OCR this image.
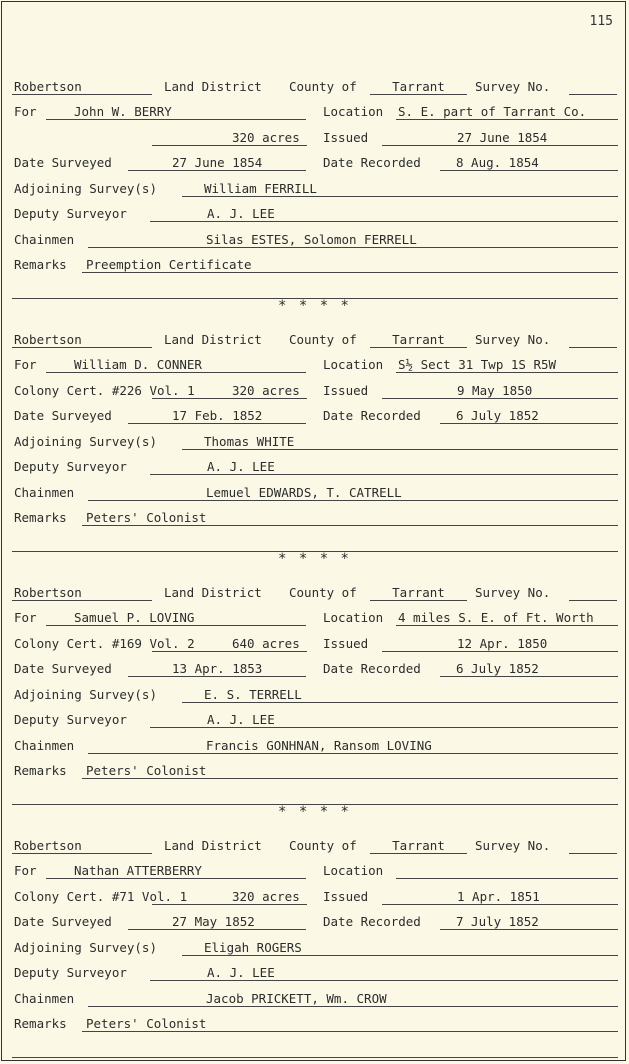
115
Robertson	Land District County of	Tarrant	Survey No.
For	John W. BERRY	Location S. E. part of Tarrant Co.
320 acres Issued	27 June 1854
Date Surveyed	27 June 1854	Date Recorded	8 Aug. 1854
Adjoining Survey(s)	William FERRILL
Deputy Surveyor	A. J. LEE
Chainmen	Silas ESTES, Solomon FERRELL
Remarks Preemption Certificate
Robertson	Land District County of	Tarrant	Survey No.
For	William D. CONNER	Location S½ Sect 31 Twp 1S R5W
Colony Cert. #226 Vol. 1	320 acres Issued	9 May 1850
Date Surveyed	17 Feb. 1852	Date Recorded	6 July 1852
Adjoining Survey(s)	Thomas WHITE
Deputy Surveyor	A. J. LEE
Chainmen	Lemuel EDWARDS, T. CATRELL
Remarks Peters' Colonist
Robertson	Land District County of	Tarrant	Survey No.
For	Samuel P. LOVING	Location 4 miles S. E. of Ft. Worth
Colony Cert. #169 Vol. 2	640 acres Issued	12 Apr. 1850
Date Surveyed	13 Apr. 1853	Date Recorded	6 July 1852
Adjoining Survey(s)	E. S. TERRELL
Deputy Surveyor	A. J. LEE
Chainmen	Francis GONHNAN, Ransom LOVING
Remarks Peters' Colonist
Robertson	Land District County of	Tarrant	Survey No.
For	Nathan ATTERBERRY	Location
Colony Cert. #71 Vol. 1	320 acres Issued	1 Apr. 1851
Date Surveyed	27 May 1852	Date Recorded	7 July 1852
Adjoining Survey(s)	Eligah ROGERS
Deputy Surveyor	A. J. LEE
Chainmen	Jacob PRICKETT, Wm. CROW
Remarks Peters' Colonist
* * * *
* * * *
* * * *
